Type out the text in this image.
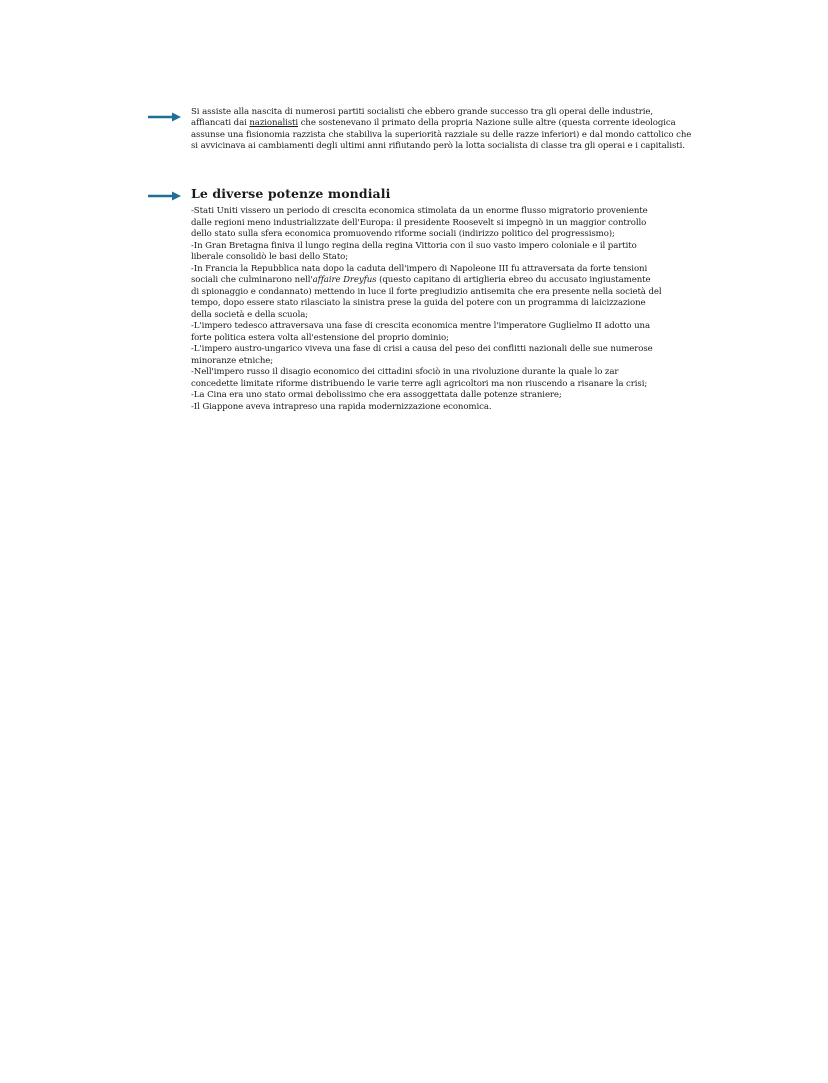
Si assiste alla nascita di numerosi partiti socialisti che ebbero grande successo tra gli operai delle industrie,
affiancati dai nazionalisti che sostenevano il primato della propria Nazione sulle altre (questa corrente ideologica
assunse una fisionomia razzista che stabiliva la superiorità razziale su delle razze inferiori) e dal mondo cattolico che
si avvicinava ai cambiamenti degli ultimi anni rifiutando però la lotta socialista di classe tra gli operai e i capitalisti.
Le diverse potenze mondiali
-Stati Uniti vissero un periodo di crescita economica stimolata da un enorme flusso migratorio proveniente
dalle regioni meno industrializzate dell'Europa: il presidente Roosevelt si impegnò in un maggior controllo
dello stato sulla sfera economica promuovendo riforme sociali (indirizzo politico del progressismo);
-In Gran Bretagna finiva il lungo regina della regina Vittoria con il suo vasto impero coloniale e il partito
liberale consolidò le basi dello Stato;
-In Francia la Repubblica nata dopo la caduta dell'impero di Napoleone III fu attraversata da forte tensioni
sociali che culminarono nell'affaire Dreyfus (questo capitano di artiglieria ebreo du accusato ingiustamente
di spionaggio e condannato) mettendo in luce il forte pregiudizio antisemita che era presente nella società del
tempo, dopo essere stato rilasciato la sinistra prese la guida del potere con un programma di laicizzazione
della società e della scuola;
-L'impero tedesco attraversava una fase di crescita economica mentre l'imperatore Guglielmo II adotto una
forte politica estera volta all'estensione del proprio dominio;
-L'impero austro-ungarico viveva una fase di crisi a causa del peso dei conflitti nazionali delle sue numerose
minoranze etniche;
-Nell'impero russo il disagio economico dei cittadini sfociò in una rivoluzione durante la quale lo zar
concedette limitate riforme distribuendo le varie terre agli agricoltori ma non riuscendo a risanare la crisi;
-La Cina era uno stato ormai debolissimo che era assoggettata dalle potenze straniere;
-Il Giappone aveva intrapreso una rapida modernizzazione economica.
